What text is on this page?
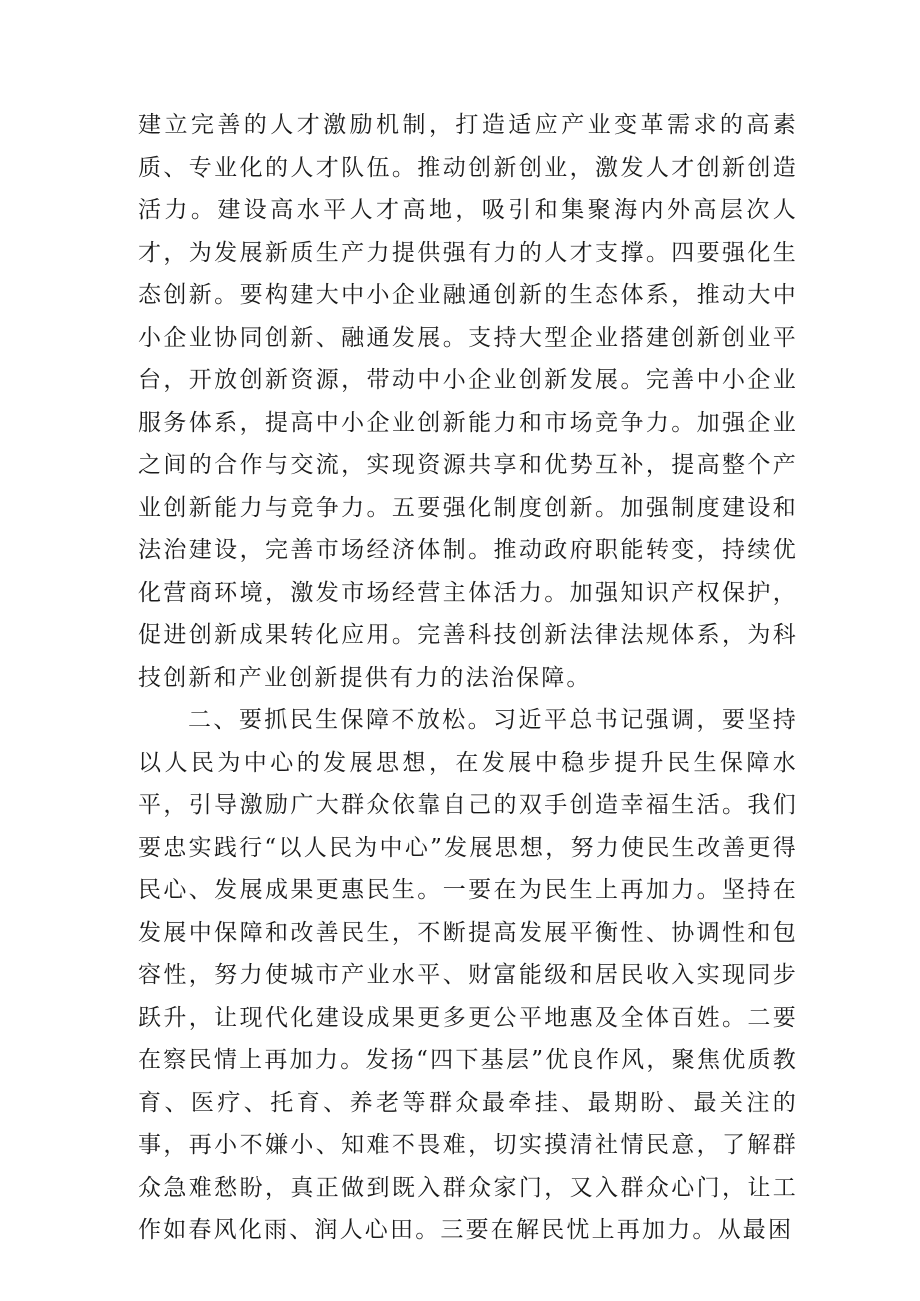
建立完善的人才激励机制，打造适应产业变革需求的高素质、专业化的人才队伍。推动创新创业，激发人才创新创造活力。建设高水平人才高地，吸引和集聚海内外高层次人才，为发展新质生产力提供强有力的人才支撑。四要强化生态创新。要构建大中小企业融通创新的生态体系，推动大中小企业协同创新、融通发展。支持大型企业搭建创新创业平台，开放创新资源，带动中小企业创新发展。完善中小企业服务体系，提高中小企业创新能力和市场竞争力。加强企业之间的合作与交流，实现资源共享和优势互补，提高整个产业创新能力与竞争力。五要强化制度创新。加强制度建设和法治建设，完善市场经济体制。推动政府职能转变，持续优化营商环境，激发市场经营主体活力。加强知识产权保护，促进创新成果转化应用。完善科技创新法律法规体系，为科技创新和产业创新提供有力的法治保障。

二、要抓民生保障不放松。习近平总书记强调，要坚持以人民为中心的发展思想，在发展中稳步提升民生保障水平，引导激励广大群众依靠自己的双手创造幸福生活。我们要忠实践行“以人民为中心”发展思想，努力使民生改善更得民心、发展成果更惠民生。一要在为民生上再加力。坚持在发展中保障和改善民生，不断提高发展平衡性、协调性和包容性，努力使城市产业水平、财富能级和居民收入实现同步跃升，让现代化建设成果更多更公平地惠及全体百姓。二要在察民情上再加力。发扬“四下基层”优良作风，聚焦优质教育、医疗、托育、养老等群众最牵挂、最期盼、最关注的事，再小不嫌小、知难不畏难，切实摸清社情民意，了解群众急难愁盼，真正做到既入群众家门，又入群众心门，让工作如春风化雨、润人心田。三要在解民忧上再加力。从最困
